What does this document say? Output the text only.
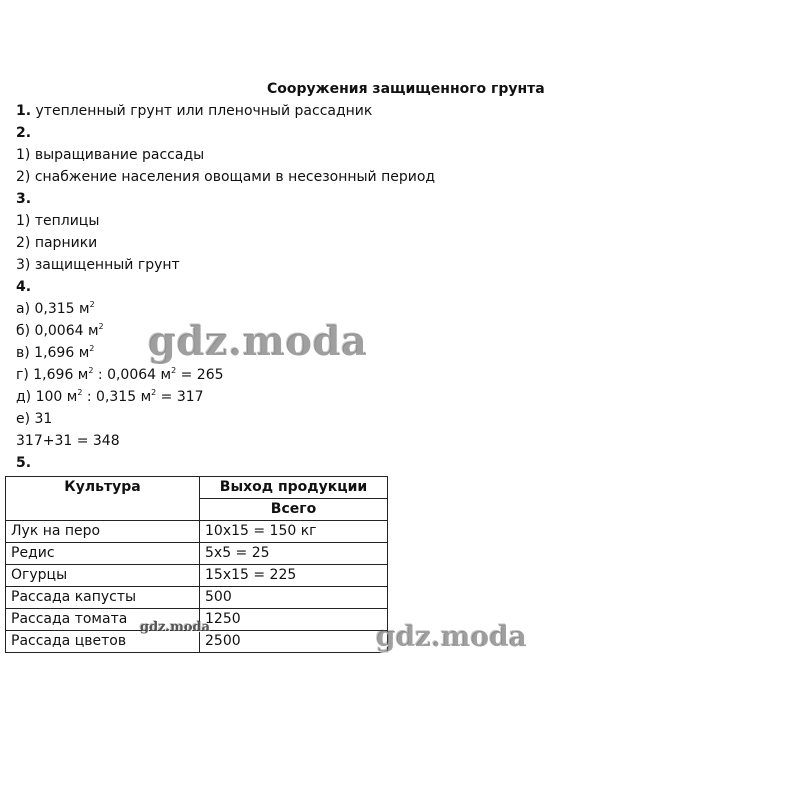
Сооружения защищенного грунта

1. утепленный грунт или пленочный рассадник

2.

1) выращивание рассады

2) снабжение населения овощами в несезонный период

3.

1) теплицы

2) парники

3) защищенный грунт

4.

а) 0,315 $м^2$

б) 0,0064 $м^2$

в) 1,696 $м^2$

г) 1,696 $м^2$ : 0,0064 $м^2 = 265$

д) 100 $м^2$ : 0,315 $м^2 = 317$

е) 31

317+31 = 348

5.

Культура	Выход продукции
	Всего
Лук на перо	10х15 = 150 кг
Редис	5х5 = 25
Огурцы	15х15 = 225
Рассада капусты	500
Рассада томата	1250
Рассада цветов	2500
gdz.moda
gdz.moda	gdz.moda
